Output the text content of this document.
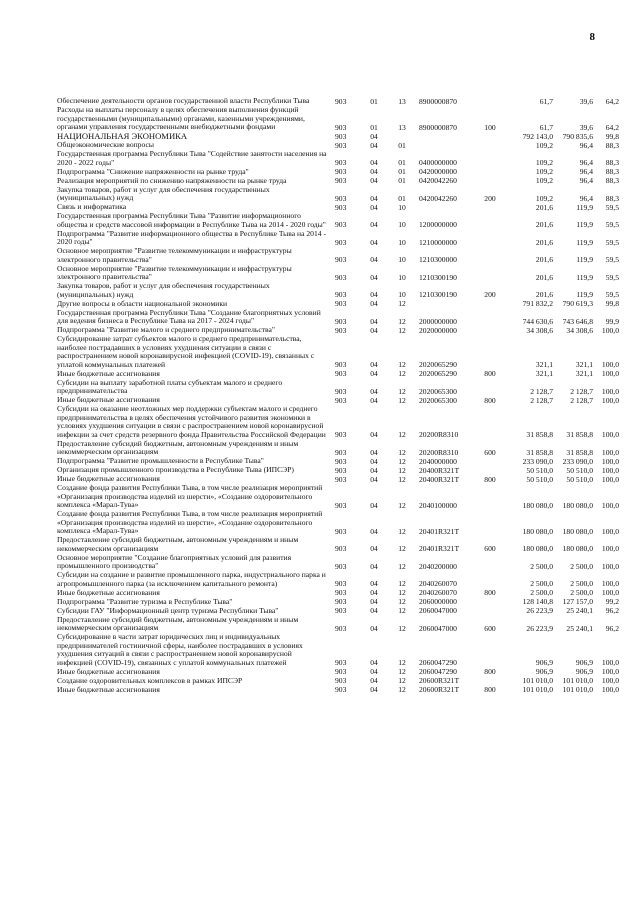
8
Обеспечение деятельности органов государственной власти Республики Тыва	903	01	13	8900000870		61,7	39,6	64,2
Расходы на выплаты персоналу в целях обеспечения выполнения функций государственными (муниципальными) органами, казенными учреждениями, органами управления государственными внебюджетными фондами	903	01	13	8900000870	100	61,7	39,6	64,2
НАЦИОНАЛЬНАЯ ЭКОНОМИКА	903	04				792 143,0	790 835,6	99,8
Общеэкономические вопросы	903	04	01			109,2	96,4	88,3
Государственная программа Республики Тыва "Содействие занятости населения на 2020 - 2022 годы"	903	04	01	0400000000		109,2	96,4	88,3
Подпрограмма "Снижение напряженности на рынке труда"	903	04	01	0420000000		109,2	96,4	88,3
Реализация мероприятий по снижению напряженности на рынке труда	903	04	01	0420042260		109,2	96,4	88,3
Закупка товаров, работ и услуг для обеспечения государственных (муниципальных) нужд	903	04	01	0420042260	200	109,2	96,4	88,3
Связь и информатика	903	04	10			201,6	119,9	59,5
Государственная программа Республики Тыва "Развитие информационного общества и средств массовой информации в Республике Тыва на 2014 - 2020 годы"	903	04	10	1200000000		201,6	119,9	59,5
Подпрограмма "Развитие информационного общества в Республике Тыва на 2014 - 2020 годы"	903	04	10	1210000000		201,6	119,9	59,5
Основное мероприятие "Развитие телекоммуникации и инфраструктуры электронного правительства"	903	04	10	1210300000		201,6	119,9	59,5
Основное мероприятие "Развитие телекоммуникации и инфраструктуры электронного правительства"	903	04	10	1210300190		201,6	119,9	59,5
Закупка товаров, работ и услуг для обеспечения государственных (муниципальных) нужд	903	04	10	1210300190	200	201,6	119,9	59,5
Другие вопросы в области национальной экономики	903	04	12			791 832,2	790 619,3	99,8
Государственная программа Республики Тыва "Создание благоприятных условий для ведения бизнеса в Республике Тыва на 2017 - 2024 годы"	903	04	12	2000000000		744 630,6	743 646,8	99,9
Подпрограмма "Развитие малого и среднего предпринимательства"	903	04	12	2020000000		34 308,6	34 308,6	100,0
Субсидирование затрат субъектов малого и среднего предпринимательства, наиболее пострадавших в условиях ухудшения ситуации в связи с распространением новой коронавирусной инфекцией (COVID-19), связанных с уплатой коммунальных платежей	903	04	12	2020065290		321,1	321,1	100,0
Иные бюджетные ассигнования	903	04	12	2020065290	800	321,1	321,1	100,0
Субсидии на выплату заработной платы субъектам малого и среднего предпринимательства	903	04	12	2020065300		2 128,7	2 128,7	100,0
Иные бюджетные ассигнования	903	04	12	2020065300	800	2 128,7	2 128,7	100,0
Субсидии на оказание неотложных мер поддержки субъектам малого и среднего предпринимательства в целях обеспечения устойчивого развития экономики в условиях ухудшения ситуации в связи с распространением новой коронавирусной инфекции за счет средств резервного фонда Правительства Российской Федерации	903	04	12	20200R8310		31 858,8	31 858,8	100,0
Предоставление субсидий бюджетным, автономным учреждениям и иным некоммерческим организациям	903	04	12	20200R8310	600	31 858,8	31 858,8	100,0
Подпрограмма "Развитие промышленности в Республике Тыва"	903	04	12	2040000000		233 090,0	233 090,0	100,0
Организация промышленного производства в Республике Тыва (ИПСЭР)	903	04	12	20400R321T		50 510,0	50 510,0	100,0
Иные бюджетные ассигнования	903	04	12	20400R321T	800	50 510,0	50 510,0	100,0
Создание фонда развития Республики Тыва, в том числе реализация мероприятий «Организация производства изделий из шерсти», «Создание оздоровительного комплекса «Марал-Тува»	903	04	12	2040100000		180 080,0	180 080,0	100,0
Создание фонда развития Республики Тыва, в том числе реализация мероприятий «Организация производства изделий из шерсти», «Создание оздоровительного комплекса «Марал-Тува»	903	04	12	20401R321T		180 080,0	180 080,0	100,0
Предоставление субсидий бюджетным, автономным учреждениям и иным некоммерческим организациям	903	04	12	20401R321T	600	180 080,0	180 080,0	100,0
Основное мероприятие "Создание благоприятных условий для развития промышленного производства"	903	04	12	2040200000		2 500,0	2 500,0	100,0
Субсидии на создание и развитие промышленного парка, индустриального парка и агропромышленного парка (за исключением капитального ремонта)	903	04	12	2040260070		2 500,0	2 500,0	100,0
Иные бюджетные ассигнования	903	04	12	2040260070	800	2 500,0	2 500,0	100,0
Подпрограмма "Развитие туризма в Республике Тыва"	903	04	12	2060000000		128 140,8	127 157,0	99,2
Субсидии ГАУ "Информационный центр туризма Республики Тыва"	903	04	12	2060047000		26 223,9	25 240,1	96,2
Предоставление субсидий бюджетным, автономным учреждениям и иным некоммерческим организациям	903	04	12	2060047000	600	26 223,9	25 240,1	96,2
Субсидирование в части затрат юридических лиц и индивидуальных предпринимателей гостиничной сферы, наиболее пострадавших в условиях ухудшения ситуаций в связи с распространением новой коронавирусной инфекцией (COVID-19), связанных с уплатой коммунальных платежей	903	04	12	2060047290		906,9	906,9	100,0
Иные бюджетные ассигнования	903	04	12	2060047290	800	906,9	906,9	100,0
Создание оздоровительных комплексов в рамках ИПСЭР	903	04	12	20600R321T		101 010,0	101 010,0	100,0
Иные бюджетные ассигнования	903	04	12	20600R321T	800	101 010,0	101 010,0	100,0
